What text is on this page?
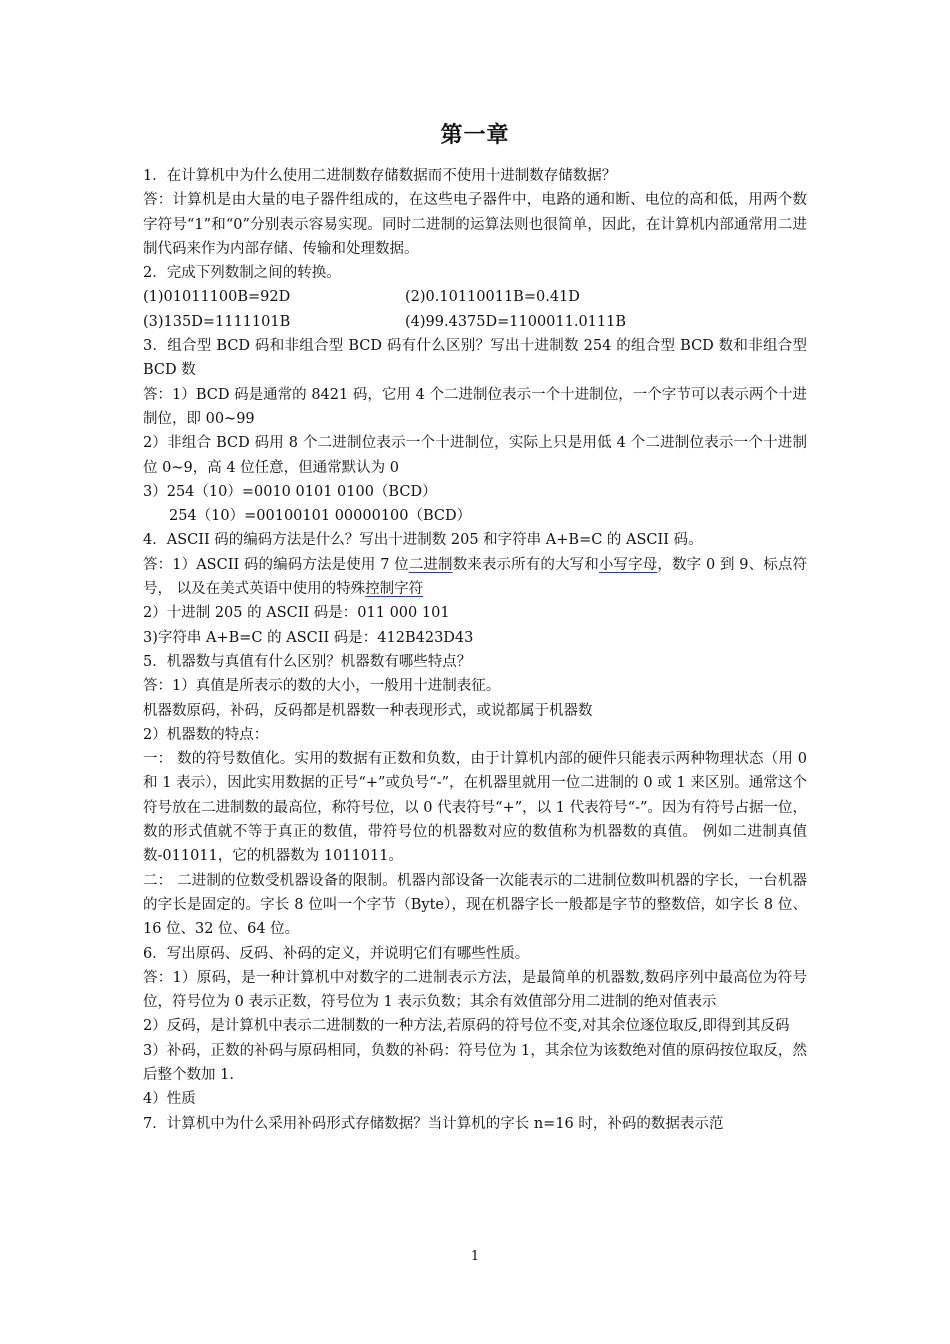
第一章

1．在计算机中为什么使用二进制数存储数据而不使用十进制数存储数据？

答：计算机是由大量的电子器件组成的，在这些电子器件中，电路的通和断、电位的高和低，用两个数字符号“1”和“0”分别表示容易实现。同时二进制的运算法则也很简单，因此，在计算机内部通常用二进制代码来作为内部存储、传输和处理数据。

2．完成下列数制之间的转换。

(1)01011100B=92D	(2)0.10110011B=0.41D
(3)135D=1111101B	(4)99.4375D=1100011.0111B

3．组合型 BCD 码和非组合型 BCD 码有什么区别？写出十进制数 254 的组合型 BCD 数和非组合型 BCD 数

答：1）BCD 码是通常的 8421 码，它用 4 个二进制位表示一个十进制位，一个字节可以表示两个十进制位，即 00~99

2）非组合 BCD 码用 8 个二进制位表示一个十进制位，实际上只是用低 4 个二进制位表示一个十进制位 0~9，高 4 位任意，但通常默认为 0

3）254（10）=0010 0101 0100（BCD）

254（10）=00100101 00000100（BCD）

4．ASCII 码的编码方法是什么？写出十进制数 205 和字符串 A+B=C 的 ASCII 码。

答：1）ASCII 码的编码方法是使用 7 位二进制数来表示所有的大写和小写字母，数字 0 到 9、标点符号， 以及在美式英语中使用的特殊控制字符

2）十进制 205 的 ASCII 码是：011 000 101

3)字符串 A+B=C 的 ASCII 码是：412B423D43

5．机器数与真值有什么区别？机器数有哪些特点？

答：1）真值是所表示的数的大小，一般用十进制表征。

机器数原码，补码，反码都是机器数一种表现形式，或说都属于机器数

2）机器数的特点：

一： 数的符号数值化。实用的数据有正数和负数，由于计算机内部的硬件只能表示两种物理状态（用 0 和 1 表示），因此实用数据的正号“+”或负号“-”，在机器里就用一位二进制的 0 或 1 来区别。通常这个符号放在二进制数的最高位，称符号位，以 0 代表符号“+”，以 1 代表符号“-”。因为有符号占据一位，数的形式值就不等于真正的数值，带符号位的机器数对应的数值称为机器数的真值。 例如二进制真值数-011011，它的机器数为 1011011。

二： 二进制的位数受机器设备的限制。机器内部设备一次能表示的二进制位数叫机器的字长，一台机器的字长是固定的。字长 8 位叫一个字节（Byte），现在机器字长一般都是字节的整数倍，如字长 8 位、16 位、32 位、64 位。

6．写出原码、反码、补码的定义，并说明它们有哪些性质。

答：1）原码，是一种计算机中对数字的二进制表示方法，是最简单的机器数,数码序列中最高位为符号位，符号位为 0 表示正数，符号位为 1 表示负数；其余有效值部分用二进制的绝对值表示

2）反码，是计算机中表示二进制数的一种方法,若原码的符号位不变,对其余位逐位取反,即得到其反码

3）补码，正数的补码与原码相同，负数的补码：符号位为 1，其余位为该数绝对值的原码按位取反，然后整个数加 1.

4）性质

7．计算机中为什么采用补码形式存储数据？当计算机的字长 n=16 时，补码的数据表示范

1
